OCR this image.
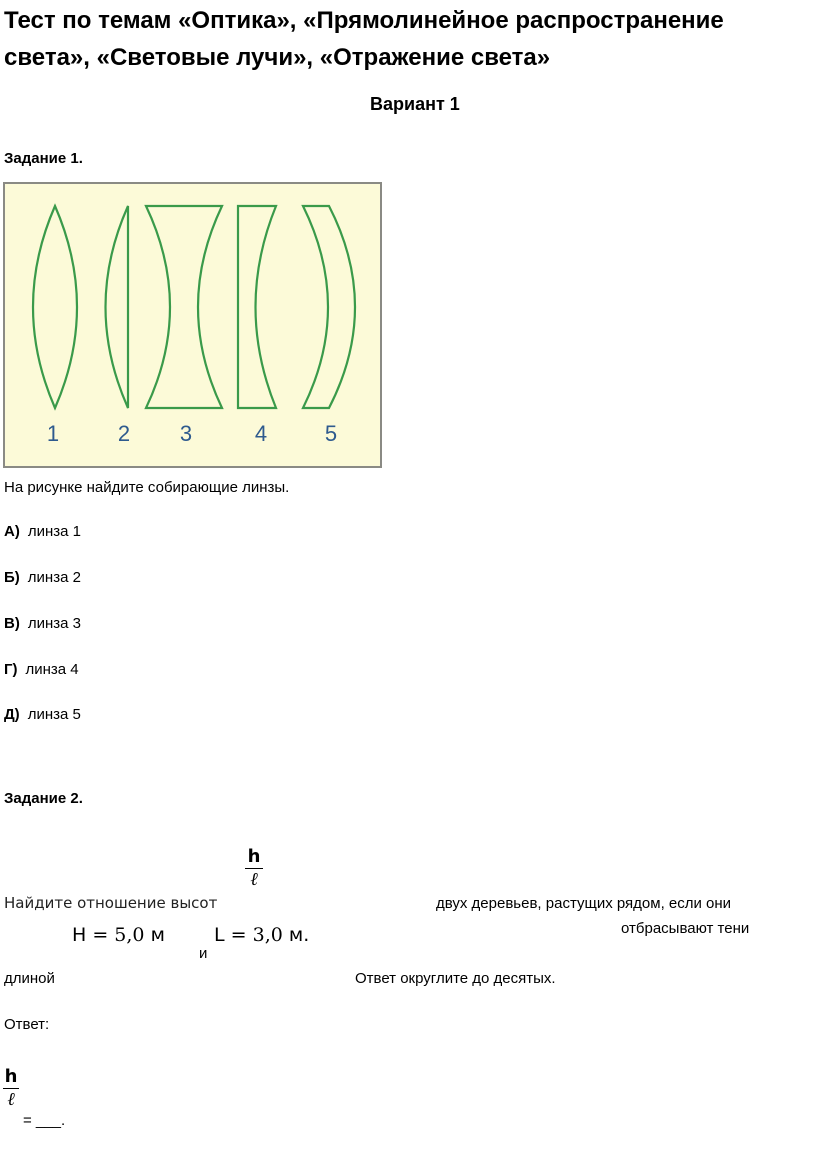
Тест по темам «Оптика», «Прямолинейное распространение света», «Световые лучи», «Отражение света»
Вариант 1
Задание 1.
1	2 3	4	5
На рисунке найдите собирающие линзы.
А) линза 1
Б) линза 2
В) линза 3
Г) линза 4
Д) линза 5
Задание 2.
h
ℓ
Найдите отношение высот	двух деревьев, растущих рядом, если они
отбрасывают тени
H = 5,0 м
и
L = 3,0 м.
длиной	Ответ округлите до десятых.
Ответ:
h
ℓ
= ___.
